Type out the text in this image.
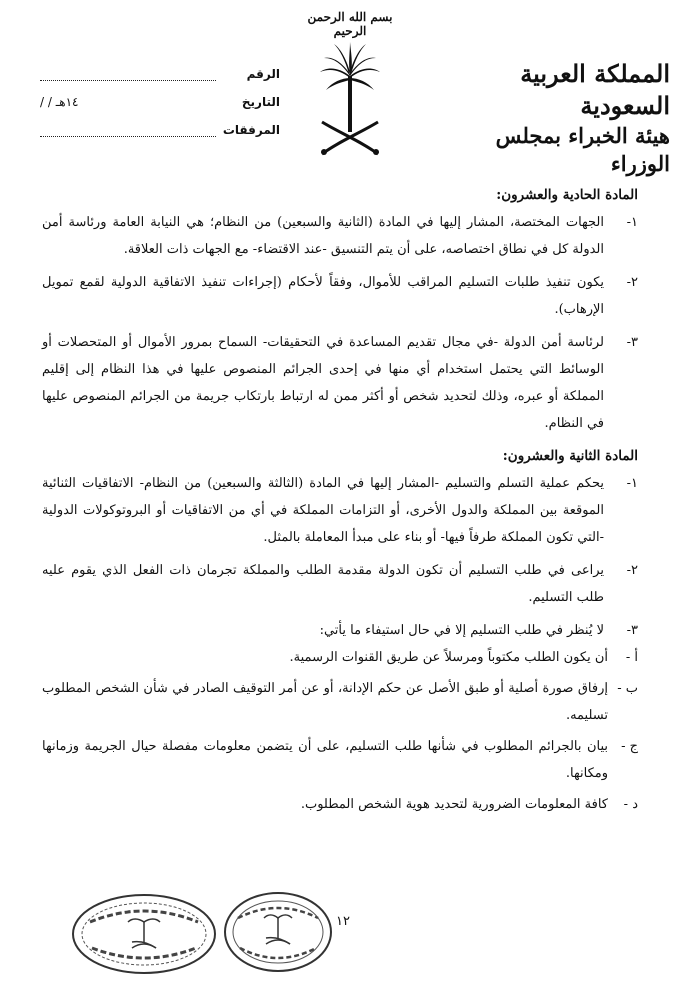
بسم الله الرحمن الرحيم
المملكة العربية السعودية
هيئة الخبراء بمجلس الوزراء
الرقم
التاريخ
/ / ١٤هـ
المرفقات
المادة الحادية والعشرون:
١-
الجهات المختصة، المشار إليها في المادة (الثانية والسبعين) من النظام؛ هي النيابة العامة ورئاسة أمن الدولة كل في نطاق اختصاصه، على أن يتم التنسيق -عند الاقتضاء- مع الجهات ذات العلاقة.
٢-
يكون تنفيذ طلبات التسليم المراقب للأموال، وفقاً لأحكام (إجراءات تنفيذ الاتفاقية الدولية لقمع تمويل الإرهاب).
٣-
لرئاسة أمن الدولة -في مجال تقديم المساعدة في التحقيقات- السماح بمرور الأموال أو المتحصلات أو الوسائط التي يحتمل استخدام أي منها في إحدى الجرائم المنصوص عليها في هذا النظام إلى إقليم المملكة أو عبره، وذلك لتحديد شخص أو أكثر ممن له ارتباط بارتكاب جريمة من الجرائم المنصوص عليها في النظام.
المادة الثانية والعشرون:
١-
يحكم عملية التسلم والتسليم -المشار إليها في المادة (الثالثة والسبعين) من النظام- الاتفاقيات الثنائية الموقعة بين المملكة والدول الأخرى، أو التزامات المملكة في أي من الاتفاقيات أو البروتوكولات الدولية -التي تكون المملكة طرفاً فيها- أو بناء على مبدأ المعاملة بالمثل.
٢-
يراعى في طلب التسليم أن تكون الدولة مقدمة الطلب والمملكة تجرمان ذات الفعل الذي يقوم عليه طلب التسليم.
٣-
لا يُنظر في طلب التسليم إلا في حال استيفاء ما يأتي:
أ -
أن يكون الطلب مكتوباً ومرسلاً عن طريق القنوات الرسمية.
ب -
إرفاق صورة أصلية أو طبق الأصل عن حكم الإدانة، أو عن أمر التوقيف الصادر في شأن الشخص المطلوب تسليمه.
ج -
بيان بالجرائم المطلوب في شأنها طلب التسليم، على أن يتضمن معلومات مفصلة حيال الجريمة وزمانها ومكانها.
د -
كافة المعلومات الضرورية لتحديد هوية الشخص المطلوب.
١٢
